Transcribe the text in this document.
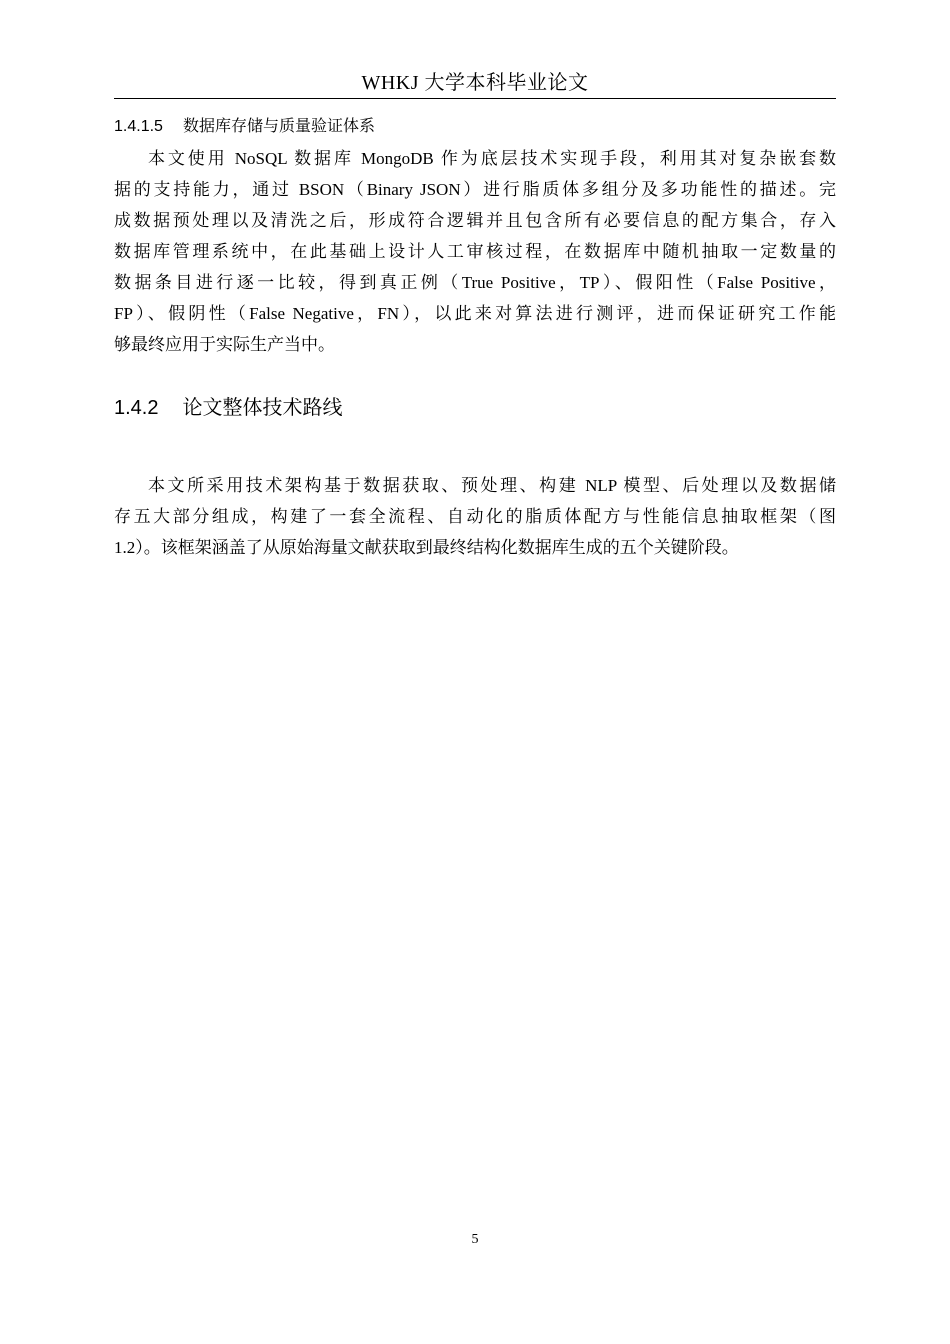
WHKJ 大学本科毕业论文
1.4.1.5 数据库存储与质量验证体系
本文使用 NoSQL 数据库 MongoDB 作为底层技术实现手段，利用其对复杂嵌套数
据的支持能力，通过 BSON（Binary JSON）进行脂质体多组分及多功能性的描述。完
成数据预处理以及清洗之后，形成符合逻辑并且包含所有必要信息的配方集合，存入
数据库管理系统中，在此基础上设计人工审核过程，在数据库中随机抽取一定数量的
数据条目进行逐一比较，得到真正例（True Positive，TP）、假阳性（False Positive，
FP）、假阴性（False Negative，FN），以此来对算法进行测评，进而保证研究工作能
够最终应用于实际生产当中。
1.4.2 论文整体技术路线
本文所采用技术架构基于数据获取、预处理、构建 NLP 模型、后处理以及数据储
存五大部分组成，构建了一套全流程、自动化的脂质体配方与性能信息抽取框架（图
1.2）。该框架涵盖了从原始海量文献获取到最终结构化数据库生成的五个关键阶段。
5
